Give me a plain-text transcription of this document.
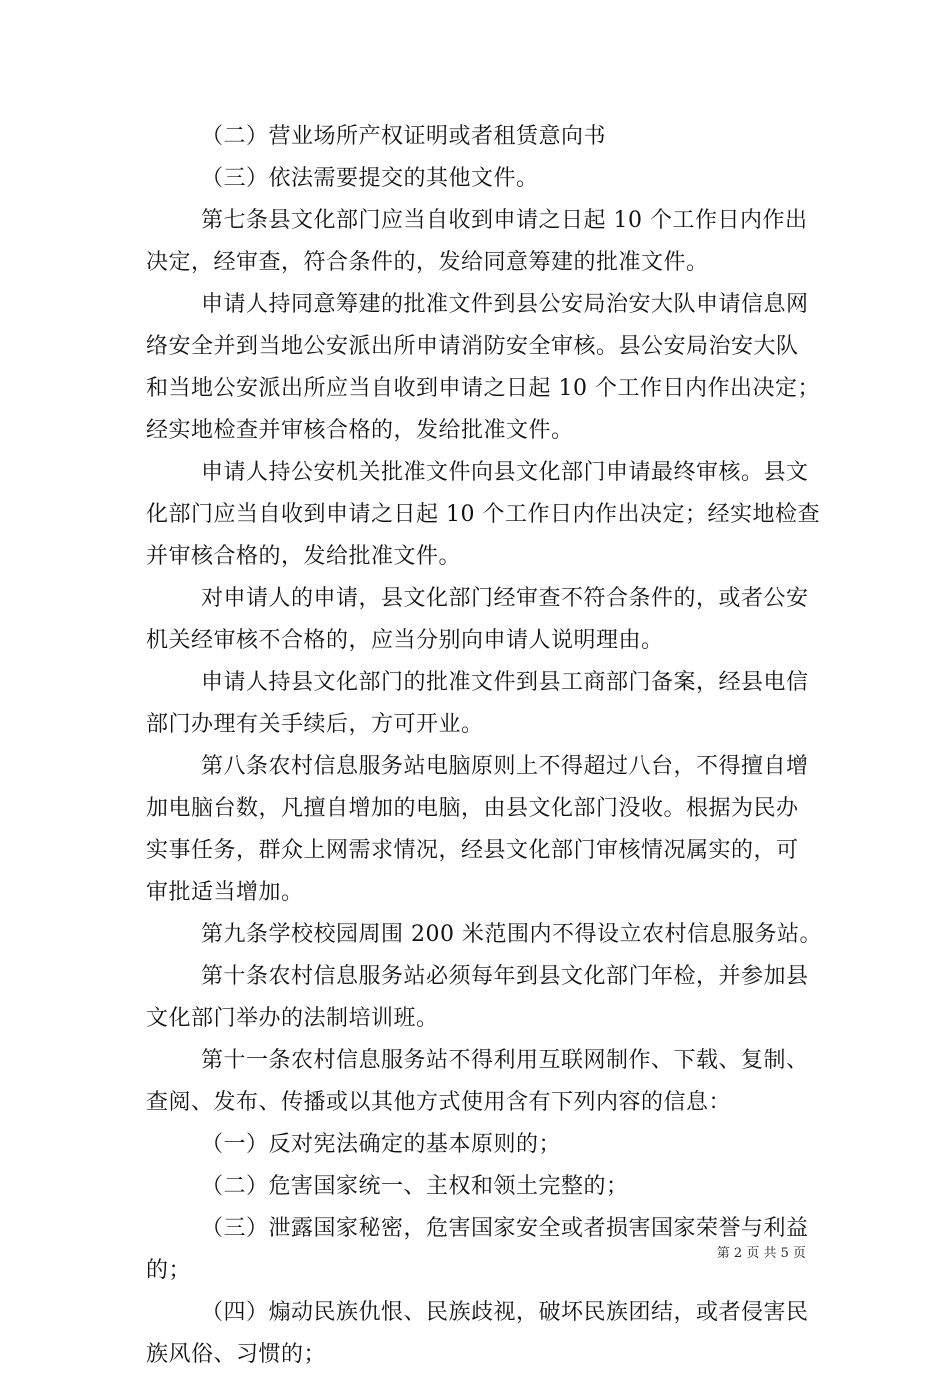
（二）营业场所产权证明或者租赁意向书
（三）依法需要提交的其他文件。
第七条县文化部门应当自收到申请之日起 10 个工作日内作出
决定，经审查，符合条件的，发给同意筹建的批准文件。
申请人持同意筹建的批准文件到县公安局治安大队申请信息网
络安全并到当地公安派出所申请消防安全审核。县公安局治安大队
和当地公安派出所应当自收到申请之日起 10 个工作日内作出决定；
经实地检查并审核合格的，发给批准文件。
申请人持公安机关批准文件向县文化部门申请最终审核。县文
化部门应当自收到申请之日起 10 个工作日内作出决定；经实地检查
并审核合格的，发给批准文件。
对申请人的申请，县文化部门经审查不符合条件的，或者公安
机关经审核不合格的，应当分别向申请人说明理由。
申请人持县文化部门的批准文件到县工商部门备案，经县电信
部门办理有关手续后，方可开业。
第八条农村信息服务站电脑原则上不得超过八台，不得擅自增
加电脑台数，凡擅自增加的电脑，由县文化部门没收。根据为民办
实事任务，群众上网需求情况，经县文化部门审核情况属实的，可
审批适当增加。
第九条学校校园周围 200 米范围内不得设立农村信息服务站。
第十条农村信息服务站必须每年到县文化部门年检，并参加县
文化部门举办的法制培训班。
第十一条农村信息服务站不得利用互联网制作、下载、复制、
查阅、发布、传播或以其他方式使用含有下列内容的信息：
（一）反对宪法确定的基本原则的；
（二）危害国家统一、主权和领土完整的；
（三）泄露国家秘密，危害国家安全或者损害国家荣誉与利益
的；
（四）煽动民族仇恨、民族歧视，破坏民族团结，或者侵害民
族风俗、习惯的；
第 2 页 共 5 页
